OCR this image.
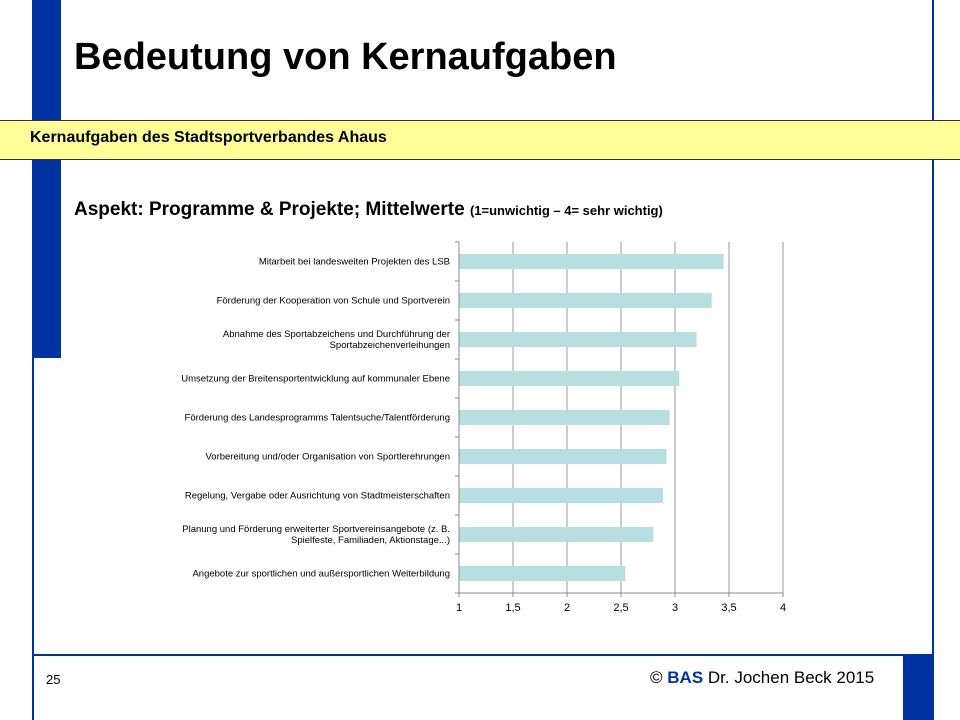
Bedeutung von Kernaufgaben
Kernaufgaben des Stadtsportverbandes Ahaus
Aspekt: Programme & Projekte; Mittelwerte (1=unwichtig – 4= sehr wichtig)
Mitarbeit bei landesweiten Projekten des LSB
Förderung der Kooperation von Schule und Sportverein
Abnahme des Sportabzeichens und Durchführung der Sportabzeichenverleihungen
Umsetzung der Breitensportentwicklung auf kommunaler Ebene
Förderung des Landesprogramms Talentsuche/Talentförderung
Vorbereitung und/oder Organisation von Sportlerehrungen
Regelung, Vergabe oder Ausrichtung von Stadtmeisterschaften
Planung und Förderung erweiterter Sportvereinsangebote (z. B. Spielfeste, Familiaden, Aktionstage...)
Angebote zur sportlichen und außersportlichen Weiterbildung
1	1,5	2	2,5	3	3,5	4
25	© BAS Dr. Jochen Beck 2015
